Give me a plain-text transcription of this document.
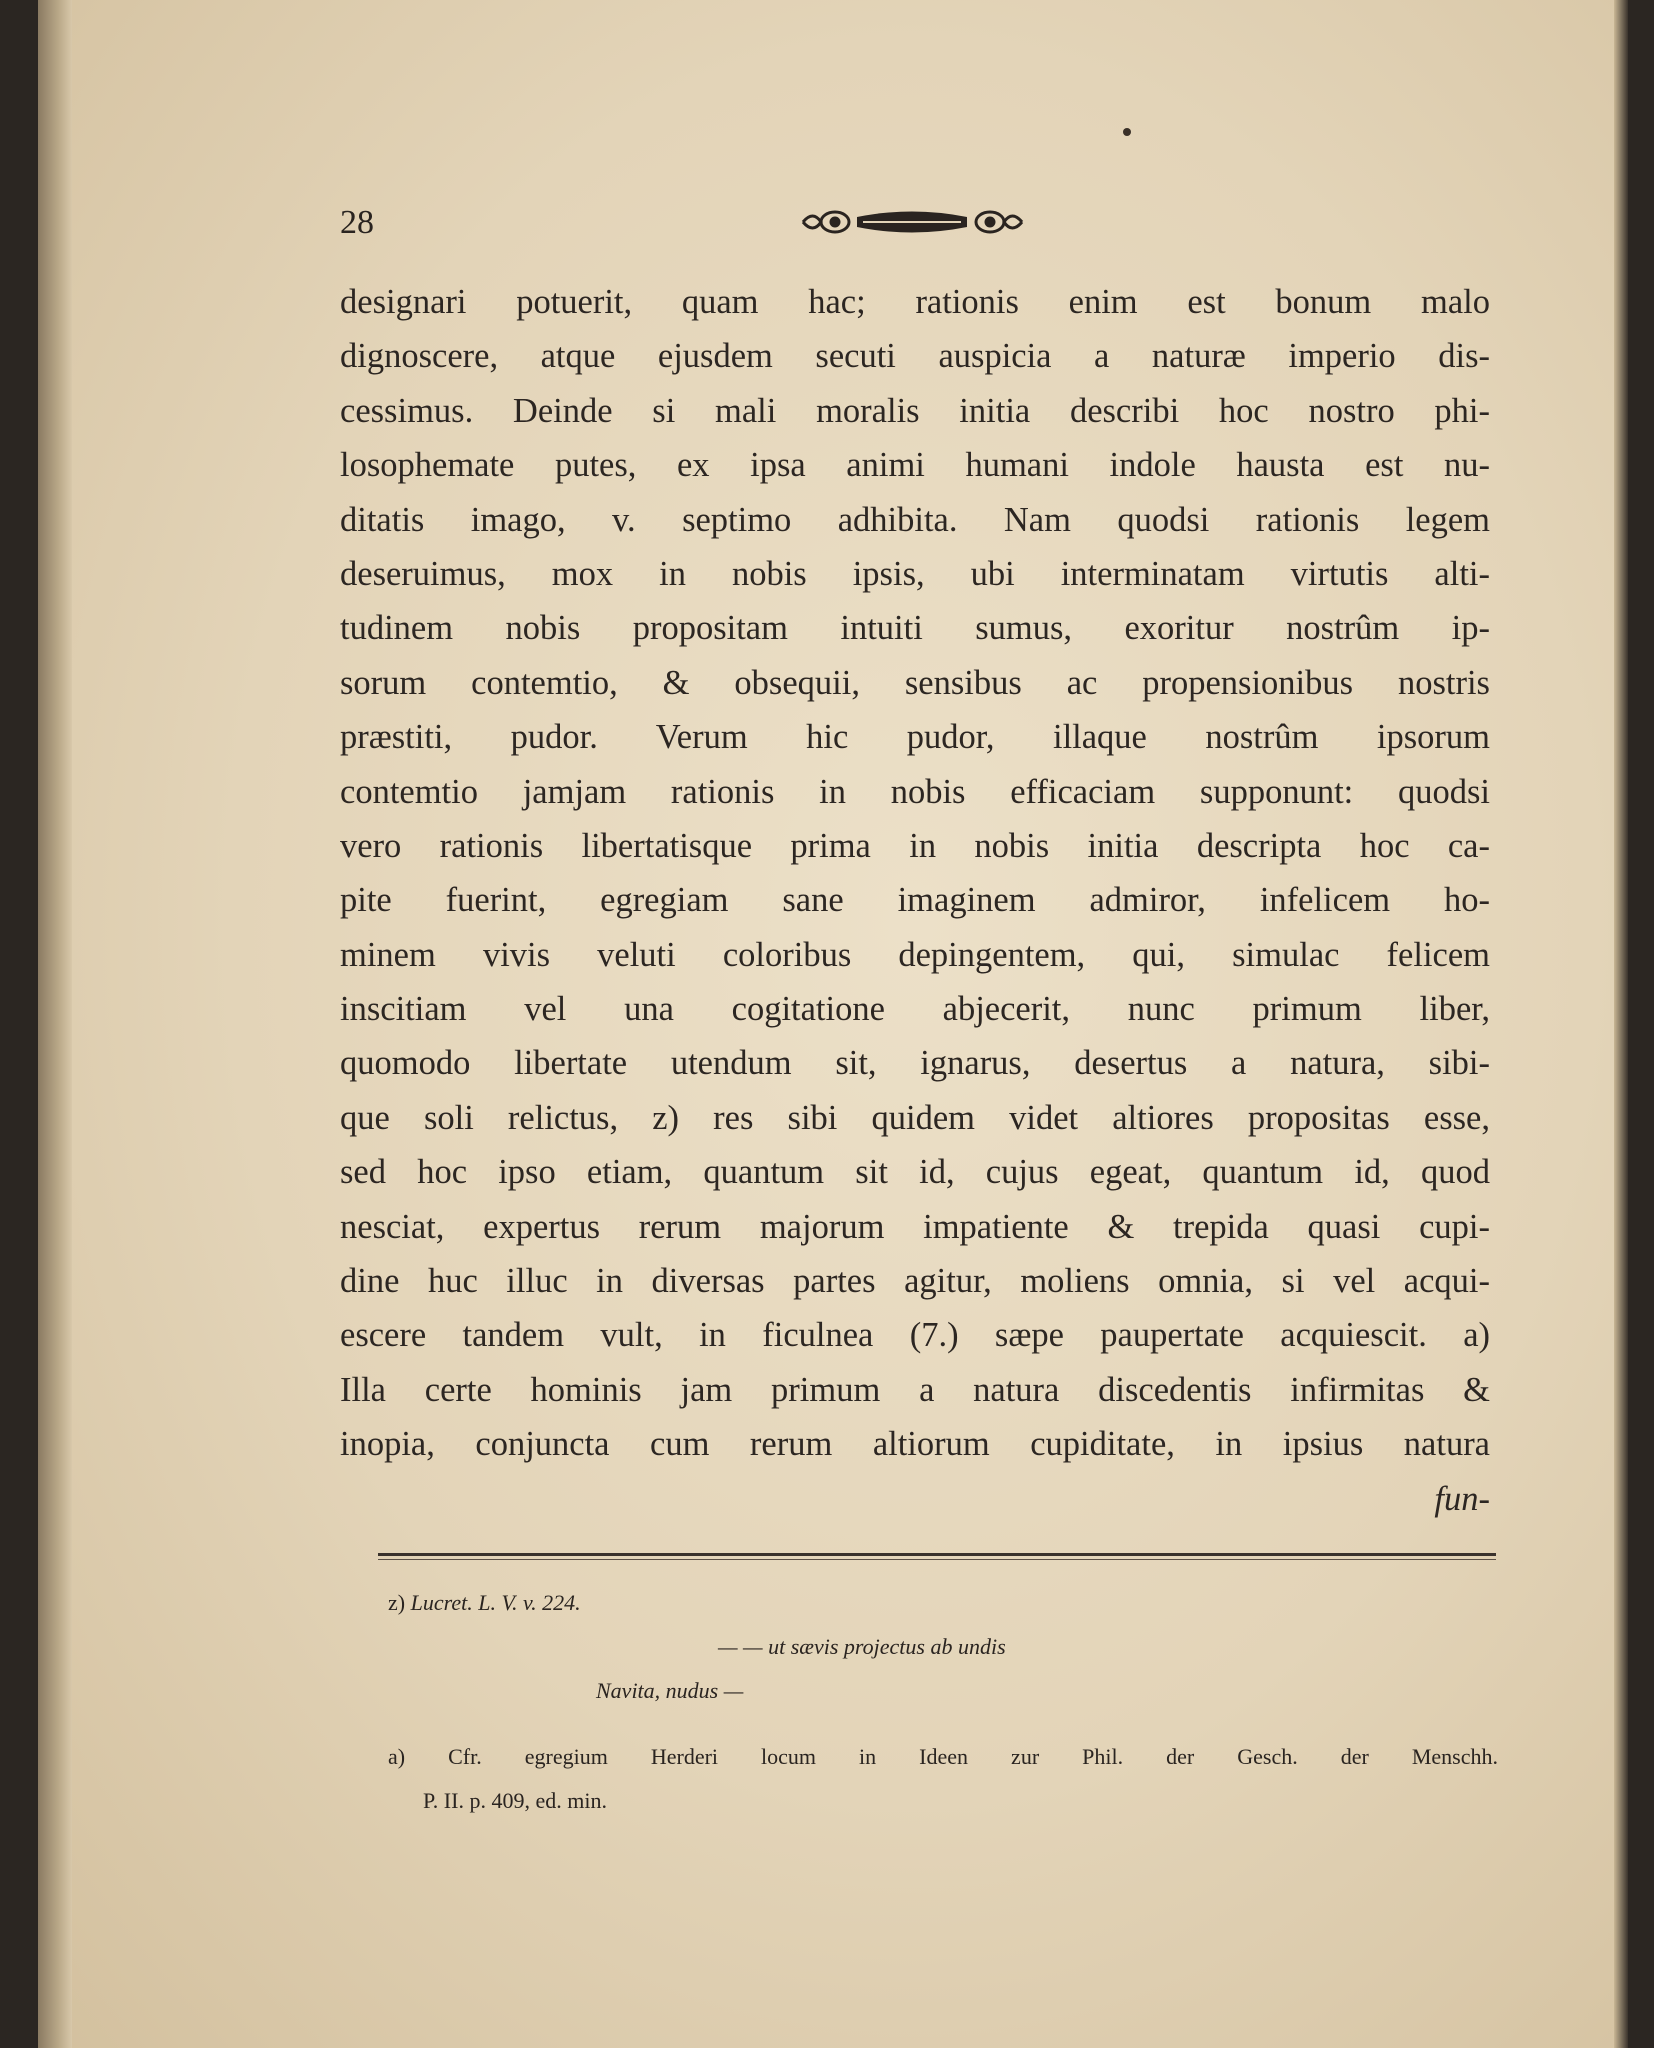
28
designari potuerit, quam hac; rationis enim est bonum malo
dignoscere, atque ejusdem secuti auspicia a naturæ imperio dis-
cessimus. Deinde si mali moralis initia describi hoc nostro phi-
losophemate putes, ex ipsa animi humani indole hausta est nu-
ditatis imago, v. septimo adhibita. Nam quodsi rationis legem
deseruimus, mox in nobis ipsis, ubi interminatam virtutis alti-
tudinem nobis propositam intuiti sumus, exoritur nostrûm ip-
sorum contemtio, & obsequii, sensibus ac propensionibus nostris
præstiti, pudor. Verum hic pudor, illaque nostrûm ipsorum
contemtio jamjam rationis in nobis efficaciam supponunt: quodsi
vero rationis libertatisque prima in nobis initia descripta hoc ca-
pite fuerint, egregiam sane imaginem admiror, infelicem ho-
minem vivis veluti coloribus depingentem, qui, simulac felicem
inscitiam vel una cogitatione abjecerit, nunc primum liber,
quomodo libertate utendum sit, ignarus, desertus a natura, sibi-
que soli relictus, z) res sibi quidem videt altiores propositas esse,
sed hoc ipso etiam, quantum sit id, cujus egeat, quantum id, quod
nesciat, expertus rerum majorum impatiente & trepida quasi cupi-
dine huc illuc in diversas partes agitur, moliens omnia, si vel acqui-
escere tandem vult, in ficulnea (7.) sæpe paupertate acquiescit. a)
Illa certe hominis jam primum a natura discedentis infirmitas &
inopia, conjuncta cum rerum altiorum cupiditate, in ipsius natura
fun-
z) Lucret. L. V. v. 224.
— — ut sævis projectus ab undis
Navita, nudus —
a) Cfr. egregium Herderi locum in Ideen zur Phil. der Gesch. der Menschh.
P. II. p. 409, ed. min.
